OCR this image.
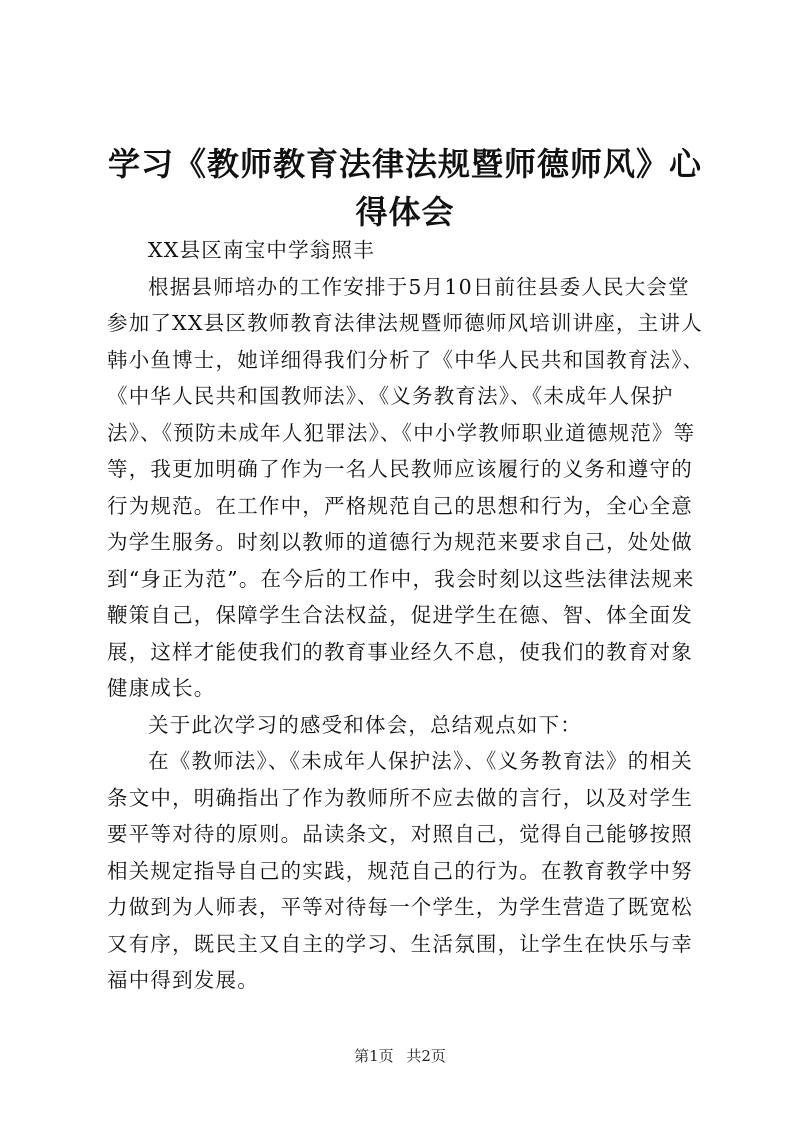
学习《教师教育法律法规暨师德师风》心得体会

XX县区南宝中学翁照丰

根据县师培办的工作安排于5月10日前往县委人民大会堂参加了XX县区教师教育法律法规暨师德师风培训讲座，主讲人韩小鱼博士，她详细得我们分析了《中华人民共和国教育法》、《中华人民共和国教师法》、《义务教育法》、《未成年人保护法》、《预防未成年人犯罪法》、《中小学教师职业道德规范》等等，我更加明确了作为一名人民教师应该履行的义务和遵守的行为规范。在工作中，严格规范自己的思想和行为，全心全意为学生服务。时刻以教师的道德行为规范来要求自己，处处做到“身正为范”。在今后的工作中，我会时刻以这些法律法规来鞭策自己，保障学生合法权益，促进学生在德、智、体全面发展，这样才能使我们的教育事业经久不息，使我们的教育对象健康成长。

关于此次学习的感受和体会，总结观点如下：

在《教师法》、《未成年人保护法》、《义务教育法》的相关条文中，明确指出了作为教师所不应去做的言行，以及对学生要平等对待的原则。品读条文，对照自己，觉得自己能够按照相关规定指导自己的实践，规范自己的行为。在教育教学中努力做到为人师表，平等对待每一个学生，为学生营造了既宽松又有序，既民主又自主的学习、生活氛围，让学生在快乐与幸福中得到发展。

第1页 共2页
